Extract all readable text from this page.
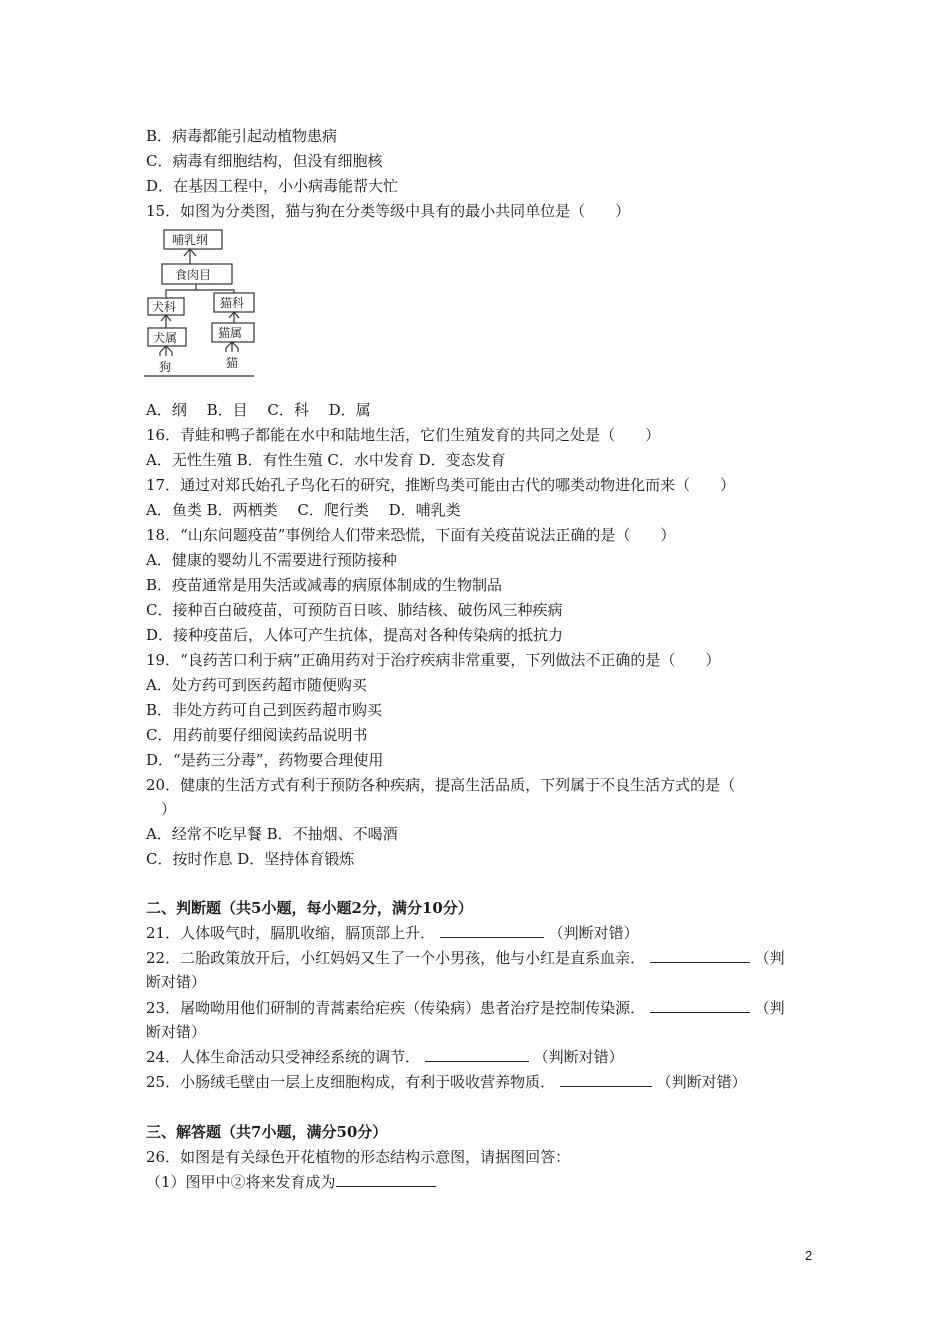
B．病毒都能引起动植物患病
C．病毒有细胞结构，但没有细胞核
D．在基因工程中，小小病毒能帮大忙
15．如图为分类图，猫与狗在分类等级中具有的最小共同单位是（　　）
哺乳纲
食肉目
犬科	猫科
犬属	猫属
狗	猫
A．纲　 B．目　 C．科　 D．属
16．青蛙和鸭子都能在水中和陆地生活，它们生殖发育的共同之处是（　　）
A．无性生殖 B．有性生殖 C．水中发育 D．变态发育
17．通过对郑氏始孔子鸟化石的研究，推断鸟类可能由古代的哪类动物进化而来（　　）
A．鱼类 B．两栖类　 C．爬行类　 D．哺乳类
18．“山东问题疫苗”事例给人们带来恐慌，下面有关疫苗说法正确的是（　　）
A．健康的婴幼儿不需要进行预防接种
B．疫苗通常是用失活或减毒的病原体制成的生物制品
C．接种百白破疫苗，可预防百日咳、肺结核、破伤风三种疾病
D．接种疫苗后，人体可产生抗体，提高对各种传染病的抵抗力
19．“良药苦口利于病”正确用药对于治疗疾病非常重要，下列做法不正确的是（　　）
A．处方药可到医药超市随便购买
B．非处方药可自己到医药超市购买
C．用药前要仔细阅读药品说明书
D．“是药三分毒”，药物要合理使用
20．健康的生活方式有利于预防各种疾病，提高生活品质，下列属于不良生活方式的是（
　）
A．经常不吃早餐 B．不抽烟、不喝酒
C．按时作息 D．坚持体育锻炼
二、判断题（共5小题，每小题2分，满分10分）
21．人体吸气时，膈肌收缩，膈顶部上升．	（判断对错）
22．二胎政策放开后，小红妈妈又生了一个小男孩，他与小红是直系血亲．	（判
断对错）
23．屠呦呦用他们研制的青蒿素给疟疾（传染病）患者治疗是控制传染源．	（判
断对错）
24．人体生命活动只受神经系统的调节．	（判断对错）
25．小肠绒毛壁由一层上皮细胞构成，有利于吸收营养物质．	（判断对错）
三、解答题（共7小题，满分50分）
26．如图是有关绿色开花植物的形态结构示意图，请据图回答：
（1）图甲中②将来发育成为
2
